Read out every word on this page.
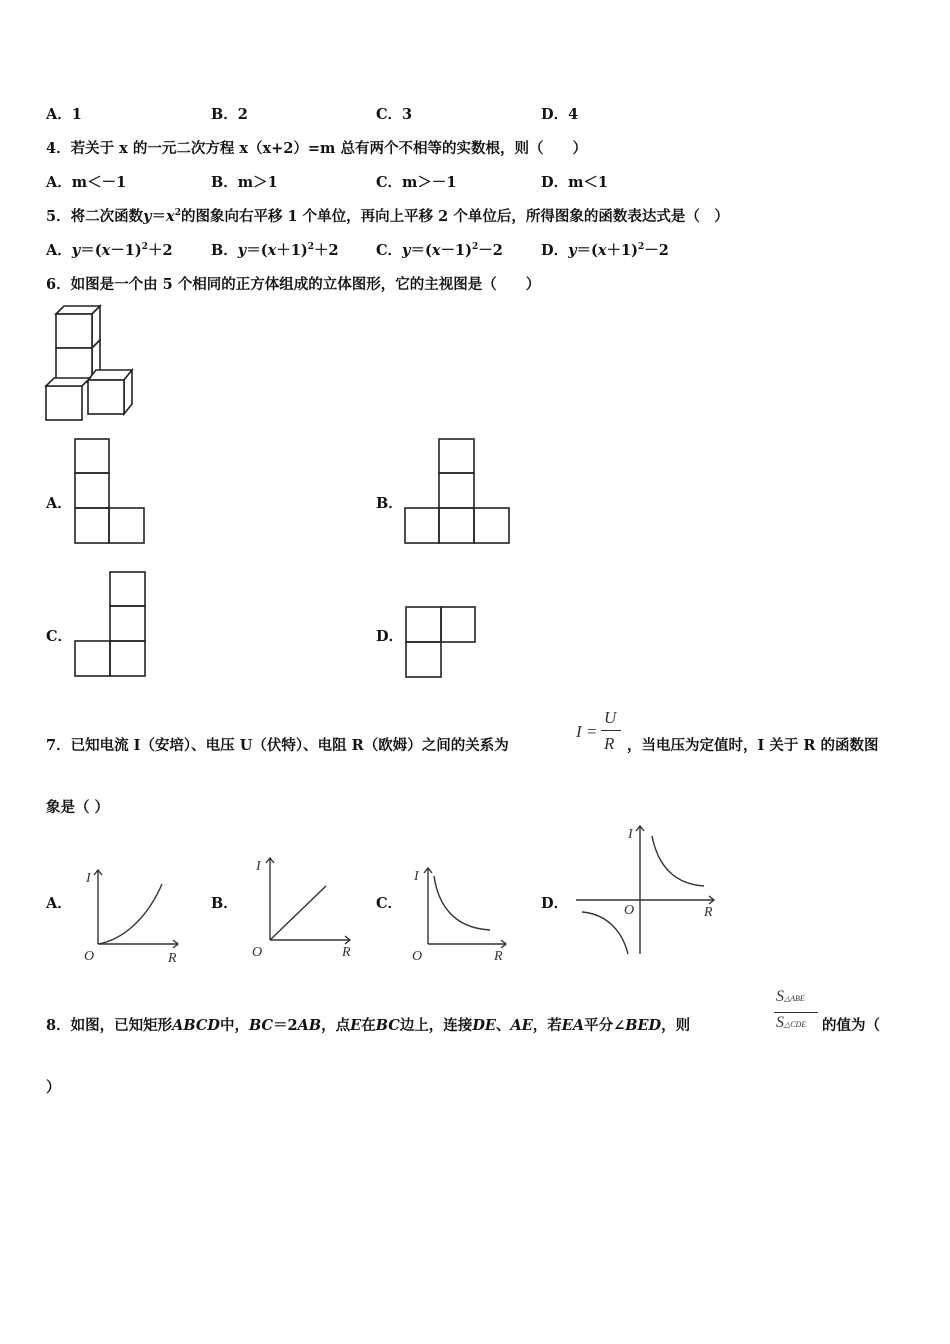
A．1	B．2	C．3	D．4
4．若关于 x 的一元二次方程 x（x+2）=m 总有两个不相等的实数根，则（　　）
A．m＜－1	B．m＞1	C．m＞－1	D．m＜1
5．将二次函数$y=x^2$的图象向右平移 1 个单位，再向上平移 2 个单位后，所得图象的函数表达式是（　）
A．$y=(x-1)^2+2$	B．$y=(x+1)^2+2$	C．$y=(x-1)^2-2$	D．$y=(x+1)^2-2$
6．如图是一个由 5 个相同的正方体组成的立体图形，它的主视图是（　　）
A．	B．
C．	D．
7．已知电流 I（安培）、电压 U（伏特）、电阻 R（欧姆）之间的关系为
I =
U
R ，当电压为定值时，I 关于 R 的函数图
象是（ ）
A．
I
R
O
B．
I
R
O
C．
I
R
O
D．
I
R
O
8．如图，已知矩形ABCD中，BC＝2AB，点E在BC边上，连接DE、AE，若EA平分∠BED，则
S△ABE
S△CDE 的值为（
）
